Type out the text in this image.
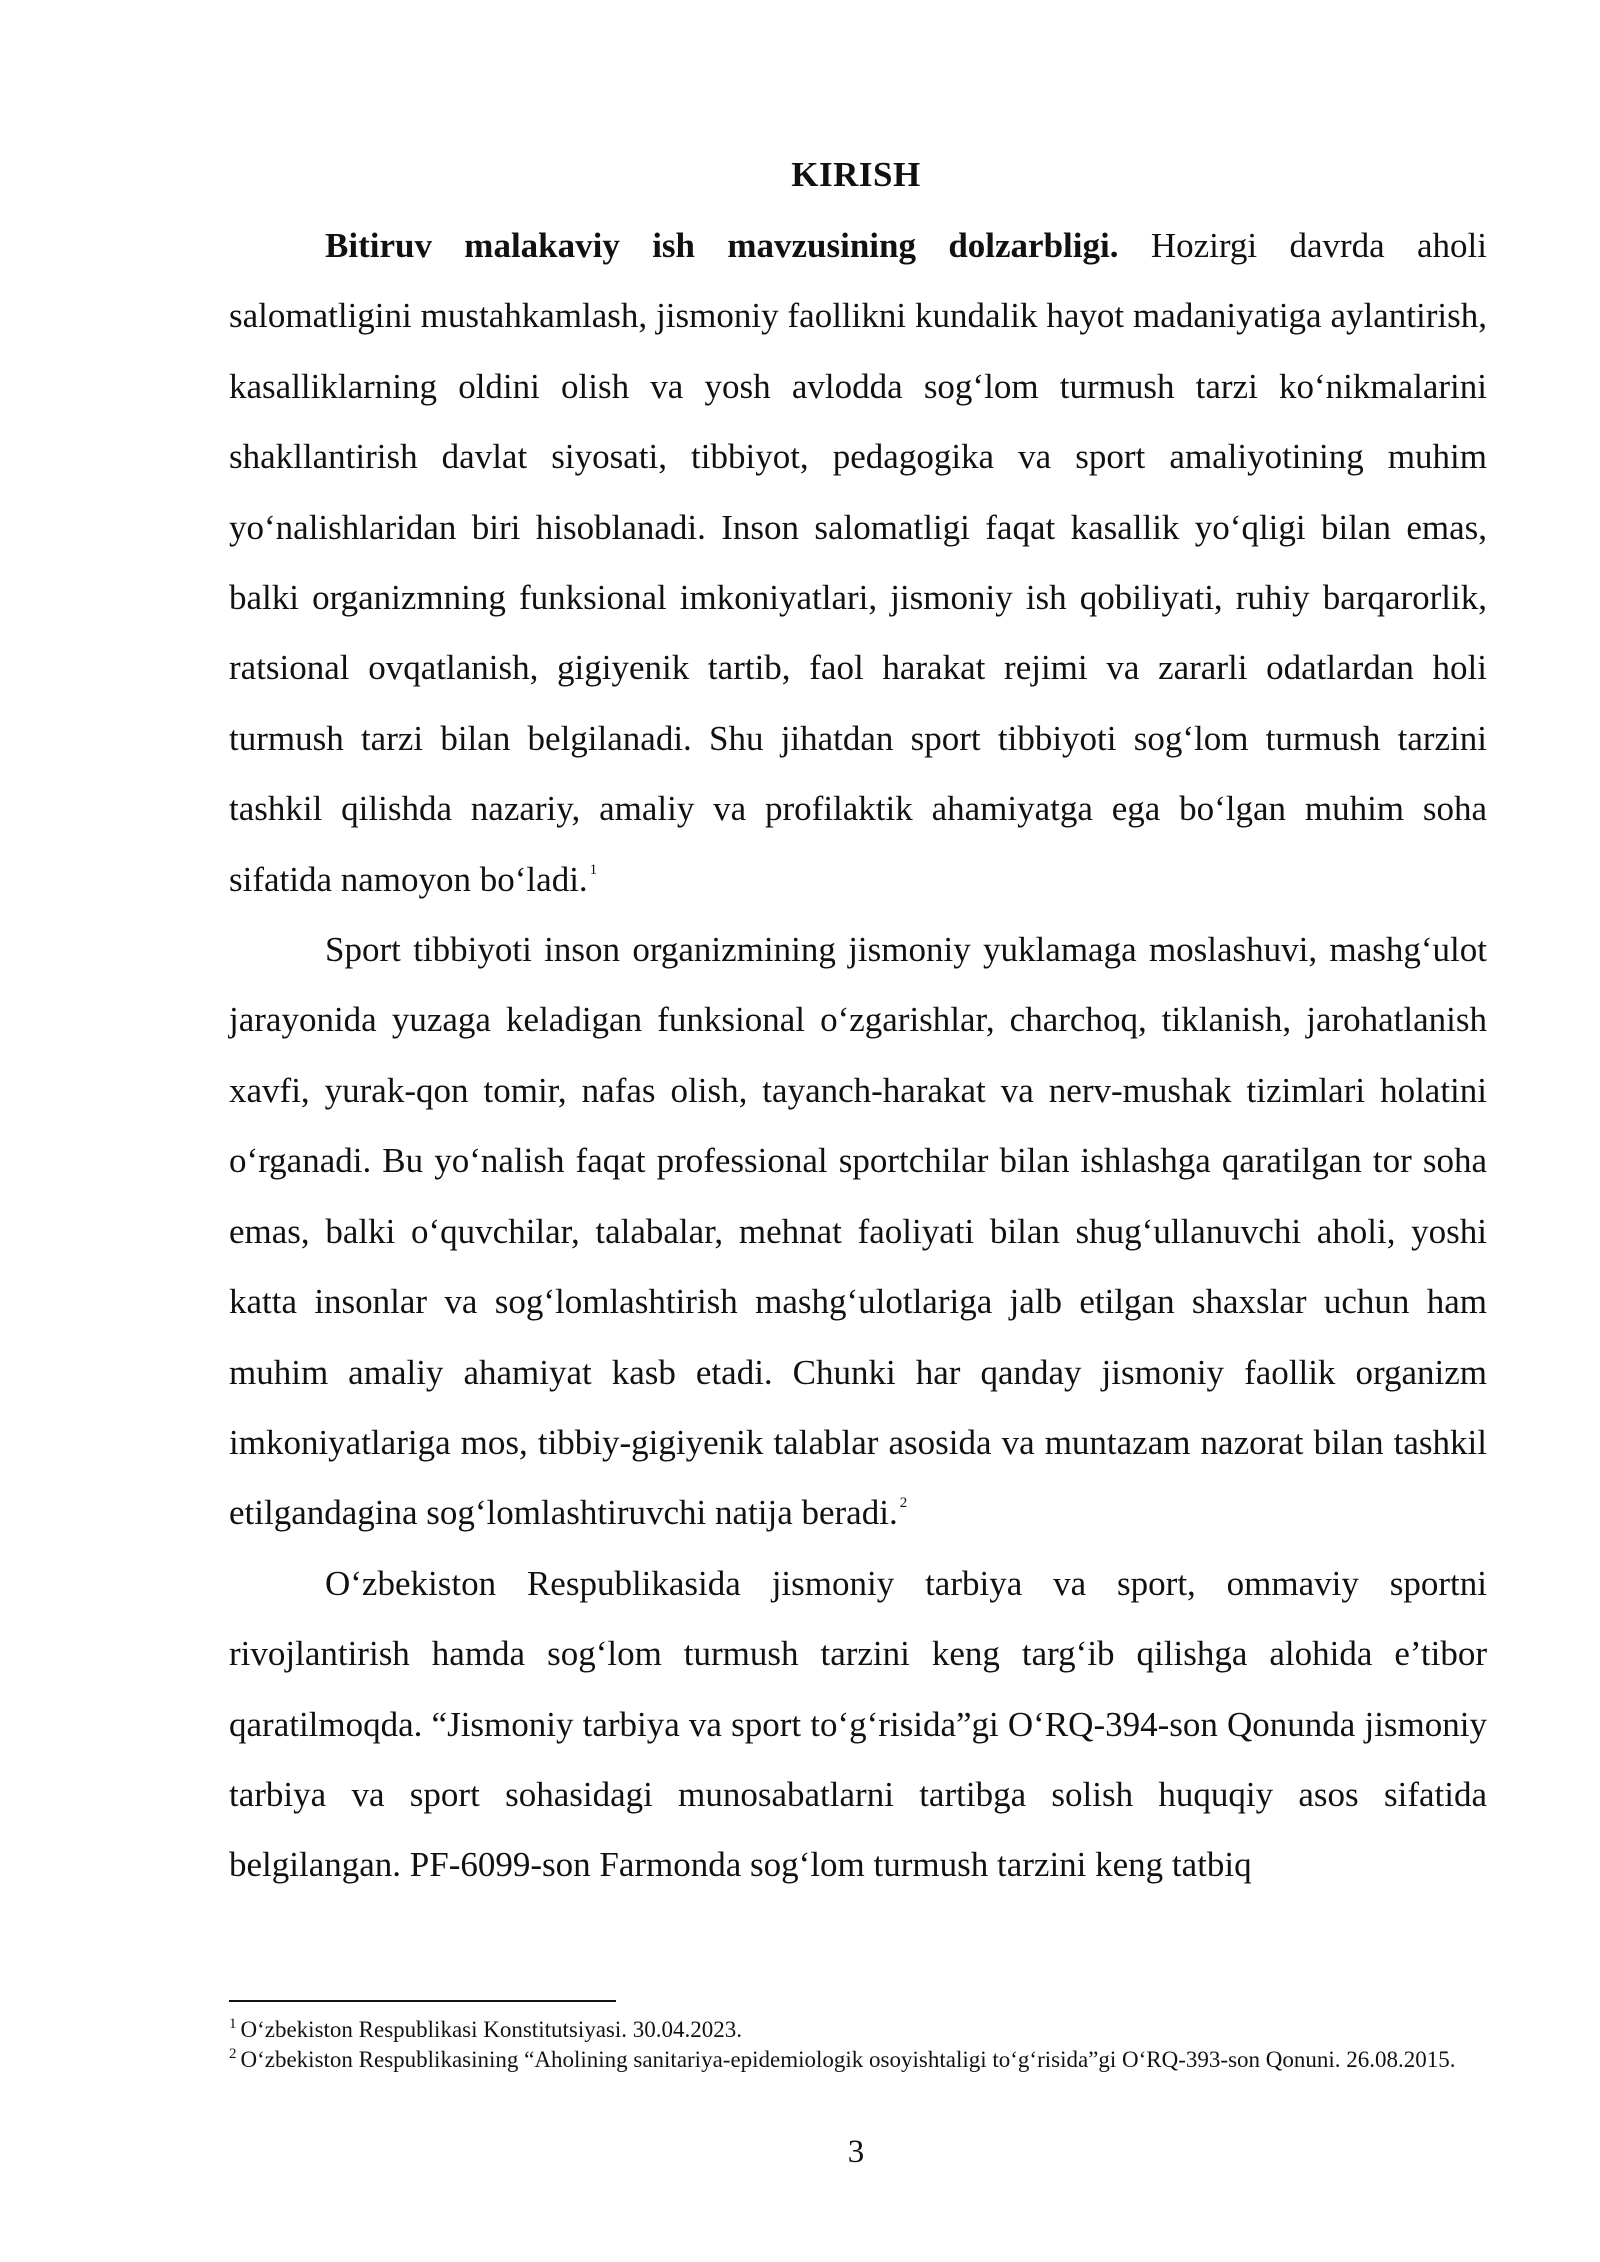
KIRISH

Bitiruv malakaviy ish mavzusining dolzarbligi. Hozirgi davrda aholi salomatligini mustahkamlash, jismoniy faollikni kundalik hayot madaniyatiga aylantirish, kasalliklarning oldini olish va yosh avlodda sog‘lom turmush tarzi ko‘nikmalarini shakllantirish davlat siyosati, tibbiyot, pedagogika va sport amaliyotining muhim yo‘nalishlaridan biri hisoblanadi. Inson salomatligi faqat kasallik yo‘qligi bilan emas, balki organizmning funksional imkoniyatlari, jismoniy ish qobiliyati, ruhiy barqarorlik, ratsional ovqatlanish, gigiyenik tartib, faol harakat rejimi va zararli odatlardan holi turmush tarzi bilan belgilanadi. Shu jihatdan sport tibbiyoti sog‘lom turmush tarzini tashkil qilishda nazariy, amaliy va profilaktik ahamiyatga ega bo‘lgan muhim soha sifatida namoyon bo‘ladi. $^1$

Sport tibbiyoti inson organizmining jismoniy yuklamaga moslashuvi, mashg‘ulot jarayonida yuzaga keladigan funksional o‘zgarishlar, charchoq, tiklanish, jarohatlanish xavfi, yurak-qon tomir, nafas olish, tayanch-harakat va nerv-mushak tizimlari holatini o‘rganadi. Bu yo‘nalish faqat professional sportchilar bilan ishlashga qaratilgan tor soha emas, balki o‘quvchilar, talabalar, mehnat faoliyati bilan shug‘ullanuvchi aholi, yoshi katta insonlar va sog‘lomlashtirish mashg‘ulotlariga jalb etilgan shaxslar uchun ham muhim amaliy ahamiyat kasb etadi. Chunki har qanday jismoniy faollik organizm imkoniyatlariga mos, tibbiy-gigiyenik talablar asosida va muntazam nazorat bilan tashkil etilgandagina sog‘lomlashtiruvchi natija beradi. $^2$

O‘zbekiston Respublikasida jismoniy tarbiya va sport, ommaviy sportni rivojlantirish hamda sog‘lom turmush tarzini keng targ‘ib qilishga alohida e’tibor qaratilmoqda. “Jismoniy tarbiya va sport to‘g‘risida”gi O‘RQ-394-son Qonunda jismoniy tarbiya va sport sohasidagi munosabatlarni tartibga solish huquqiy asos sifatida belgilangan. PF-6099-son Farmonda sog‘lom turmush tarzini keng tatbiq

$^1$ O‘zbekiston Respublikasi Konstitutsiyasi. 30.04.2023.

$^2$ O‘zbekiston Respublikasining “Aholining sanitariya-epidemiologik osoyishtaligi to‘g‘risida”gi O‘RQ-393-son Qonuni. 26.08.2015.

3
